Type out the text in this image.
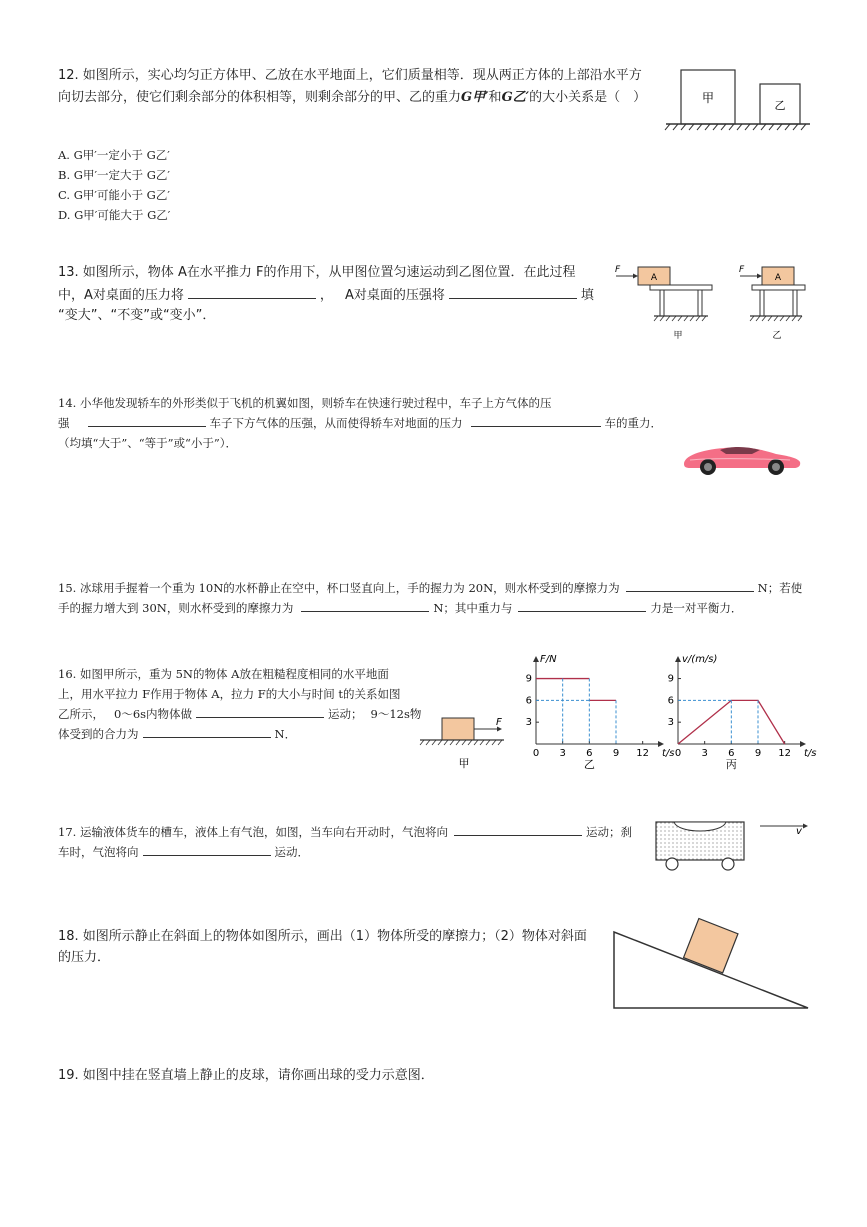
12. 如图所示，实心均匀正方体甲、乙放在水平地面上，它们质量相等．现从两正方体的上部沿水平方
向切去部分，使它们剩余部分的体积相等，则剩余部分的甲、乙的重力G甲′和G乙′的大小关系是（　）
A. G甲′一定小于 G乙′
B. G甲′一定大于 G乙′
C. G甲′可能小于 G乙′
D. G甲′可能大于 G乙′
甲
乙
13. 如图所示，物体 A在水平推力 F的作用下，从甲图位置匀速运动到乙图位置．在此过程
中，A对桌面的压力将	， A对桌面的压强将	填
“变大”、“不变”或“变小”．
F
A
甲
F
A
乙
14. 小华他发现轿车的外形类似于飞机的机翼如图，则轿车在快速行驶过程中，车子上方气体的压
强	车子下方气体的压强，从而使得轿车对地面的压力	车的重力．
（均填“大于”、“等于”或“小于”）．
15. 冰球用手握着一个重为 10N的水杯静止在空中，杯口竖直向上，手的握力为 20N，则水杯受到的摩擦力为	N；若使
手的握力增大到 30N，则水杯受到的摩擦力为	N；其中重力与	力是一对平衡力．
16. 如图甲所示，重为 5N的物体 A放在粗糙程度相同的水平地面
上，用水平拉力 F作用于物体 A，拉力 F的大小与时间 t的关系如图
乙所示， 0～6s内物体做	运动； 9～12s物
体受到的合力为	N．
F
甲
F/N
t/s
0 3 6 9 12
3
6
9
乙
v/(m/s)
t/s
0 3 6 9 12
3
6
9
丙
17. 运输液体货车的槽车，液体上有气泡，如图，当车向右开动时，气泡将向	运动；刹
车时，气泡将向	运动．
v
18. 如图所示静止在斜面上的物体如图所示，画出（1）物体所受的摩擦力；（2）物体对斜面
的压力．
19. 如图中挂在竖直墙上静止的皮球，请你画出球的受力示意图．
